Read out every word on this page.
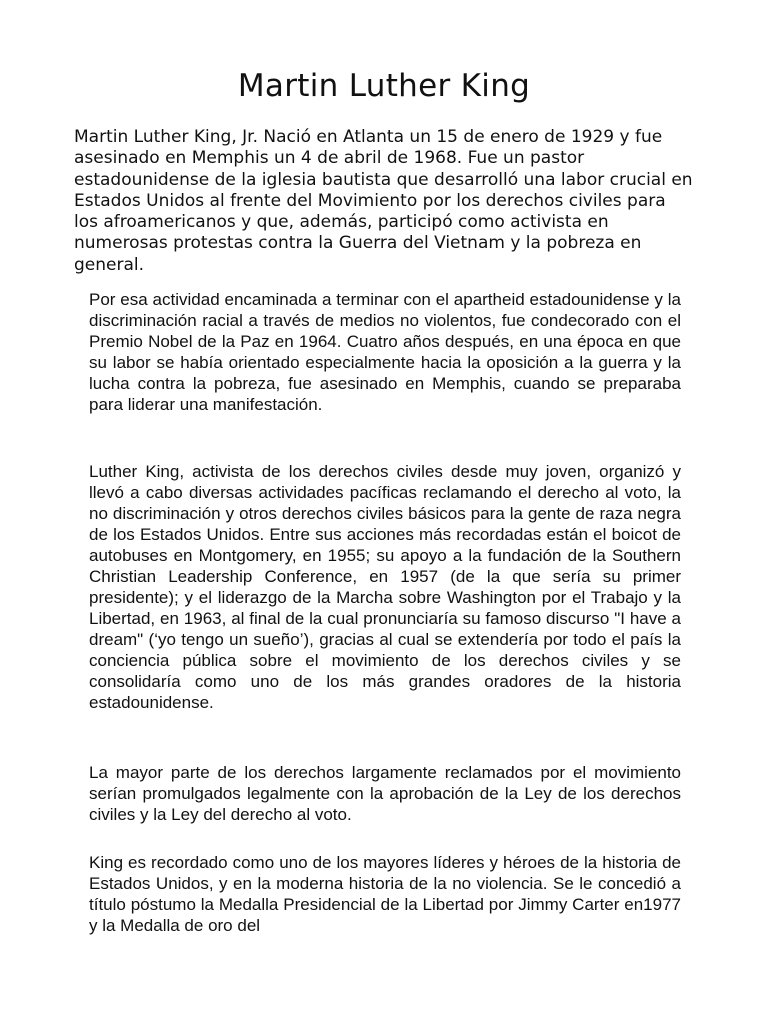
Martin Luther King

Martin Luther King, Jr. Nació en Atlanta un 15 de enero de 1929 y fue asesinado en Memphis un 4 de abril de 1968. Fue un pastor estadounidense de la iglesia bautista que desarrolló una labor crucial en Estados Unidos al frente del Movimiento por los derechos civiles para los afroamericanos y que, además, participó como activista en numerosas protestas contra la Guerra del Vietnam y la pobreza en general.

Por esa actividad encaminada a terminar con el apartheid estadounidense y la discriminación racial a través de medios no violentos, fue condecorado con el Premio Nobel de la Paz en 1964. Cuatro años después, en una época en que su labor se había orientado especialmente hacia la oposición a la guerra y la lucha contra la pobreza, fue asesinado en Memphis, cuando se preparaba para liderar una manifestación.

Luther King, activista de los derechos civiles desde muy joven, organizó y llevó a cabo diversas actividades pacíficas reclamando el derecho al voto, la no discriminación y otros derechos civiles básicos para la gente de raza negra de los Estados Unidos. Entre sus acciones más recordadas están el boicot de autobuses en Montgomery, en 1955; su apoyo a la fundación de la Southern Christian Leadership Conference, en 1957 (de la que sería su primer presidente); y el liderazgo de la Marcha sobre Washington por el Trabajo y la Libertad, en 1963, al final de la cual pronunciaría su famoso discurso "I have a dream" (‘yo tengo un sueño’), gracias al cual se extendería por todo el país la conciencia pública sobre el movimiento de los derechos civiles y se consolidaría como uno de los más grandes oradores de la historia estadounidense.

La mayor parte de los derechos largamente reclamados por el movimiento serían promulgados legalmente con la aprobación de la Ley de los derechos civiles y la Ley del derecho al voto.

King es recordado como uno de los mayores líderes y héroes de la historia de Estados Unidos, y en la moderna historia de la no violencia. Se le concedió a título póstumo la Medalla Presidencial de la Libertad por Jimmy Carter en1977 y la Medalla de oro del
